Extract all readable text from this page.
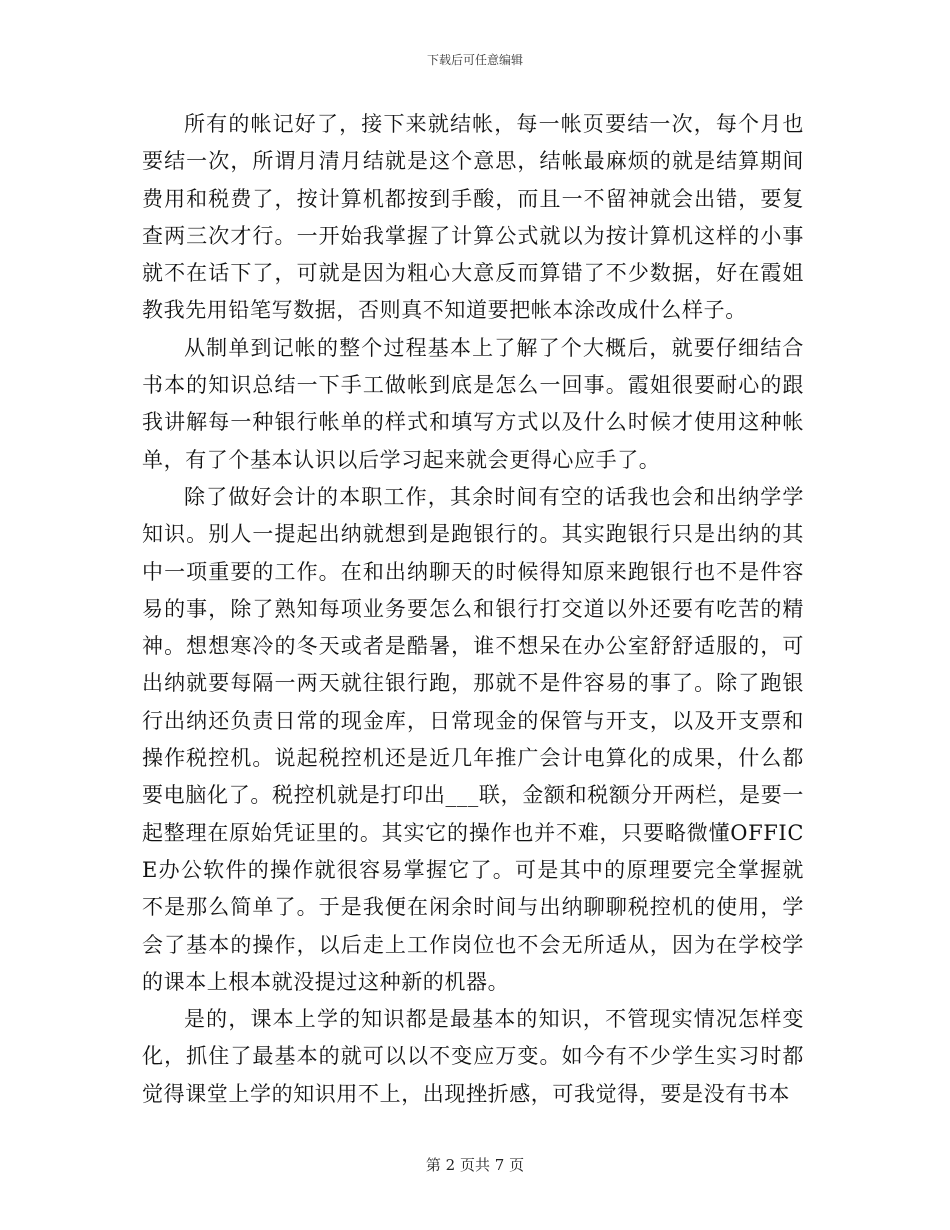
下载后可任意编辑

所有的帐记好了，接下来就结帐，每一帐页要结一次，每个月也要结一次，所谓月清月结就是这个意思，结帐最麻烦的就是结算期间费用和税费了，按计算机都按到手酸，而且一不留神就会出错，要复查两三次才行。一开始我掌握了计算公式就以为按计算机这样的小事就不在话下了，可就是因为粗心大意反而算错了不少数据，好在霞姐教我先用铅笔写数据，否则真不知道要把帐本涂改成什么样子。

从制单到记帐的整个过程基本上了解了个大概后，就要仔细结合书本的知识总结一下手工做帐到底是怎么一回事。霞姐很要耐心的跟我讲解每一种银行帐单的样式和填写方式以及什么时候才使用这种帐单，有了个基本认识以后学习起来就会更得心应手了。

除了做好会计的本职工作，其余时间有空的话我也会和出纳学学知识。别人一提起出纳就想到是跑银行的。其实跑银行只是出纳的其中一项重要的工作。在和出纳聊天的时候得知原来跑银行也不是件容易的事，除了熟知每项业务要怎么和银行打交道以外还要有吃苦的精神。想想寒冷的冬天或者是酷暑，谁不想呆在办公室舒舒适服的，可出纳就要每隔一两天就往银行跑，那就不是件容易的事了。除了跑银行出纳还负责日常的现金库，日常现金的保管与开支，以及开支票和操作税控机。说起税控机还是近几年推广会计电算化的成果，什么都要电脑化了。税控机就是打印出___联，金额和税额分开两栏，是要一起整理在原始凭证里的。其实它的操作也并不难，只要略微懂OFFICE办公软件的操作就很容易掌握它了。可是其中的原理要完全掌握就不是那么简单了。于是我便在闲余时间与出纳聊聊税控机的使用，学会了基本的操作，以后走上工作岗位也不会无所适从，因为在学校学的课本上根本就没提过这种新的机器。

是的，课本上学的知识都是最基本的知识，不管现实情况怎样变化，抓住了最基本的就可以以不变应万变。如今有不少学生实习时都觉得课堂上学的知识用不上，出现挫折感，可我觉得，要是没有书本

第 2 页共 7 页
